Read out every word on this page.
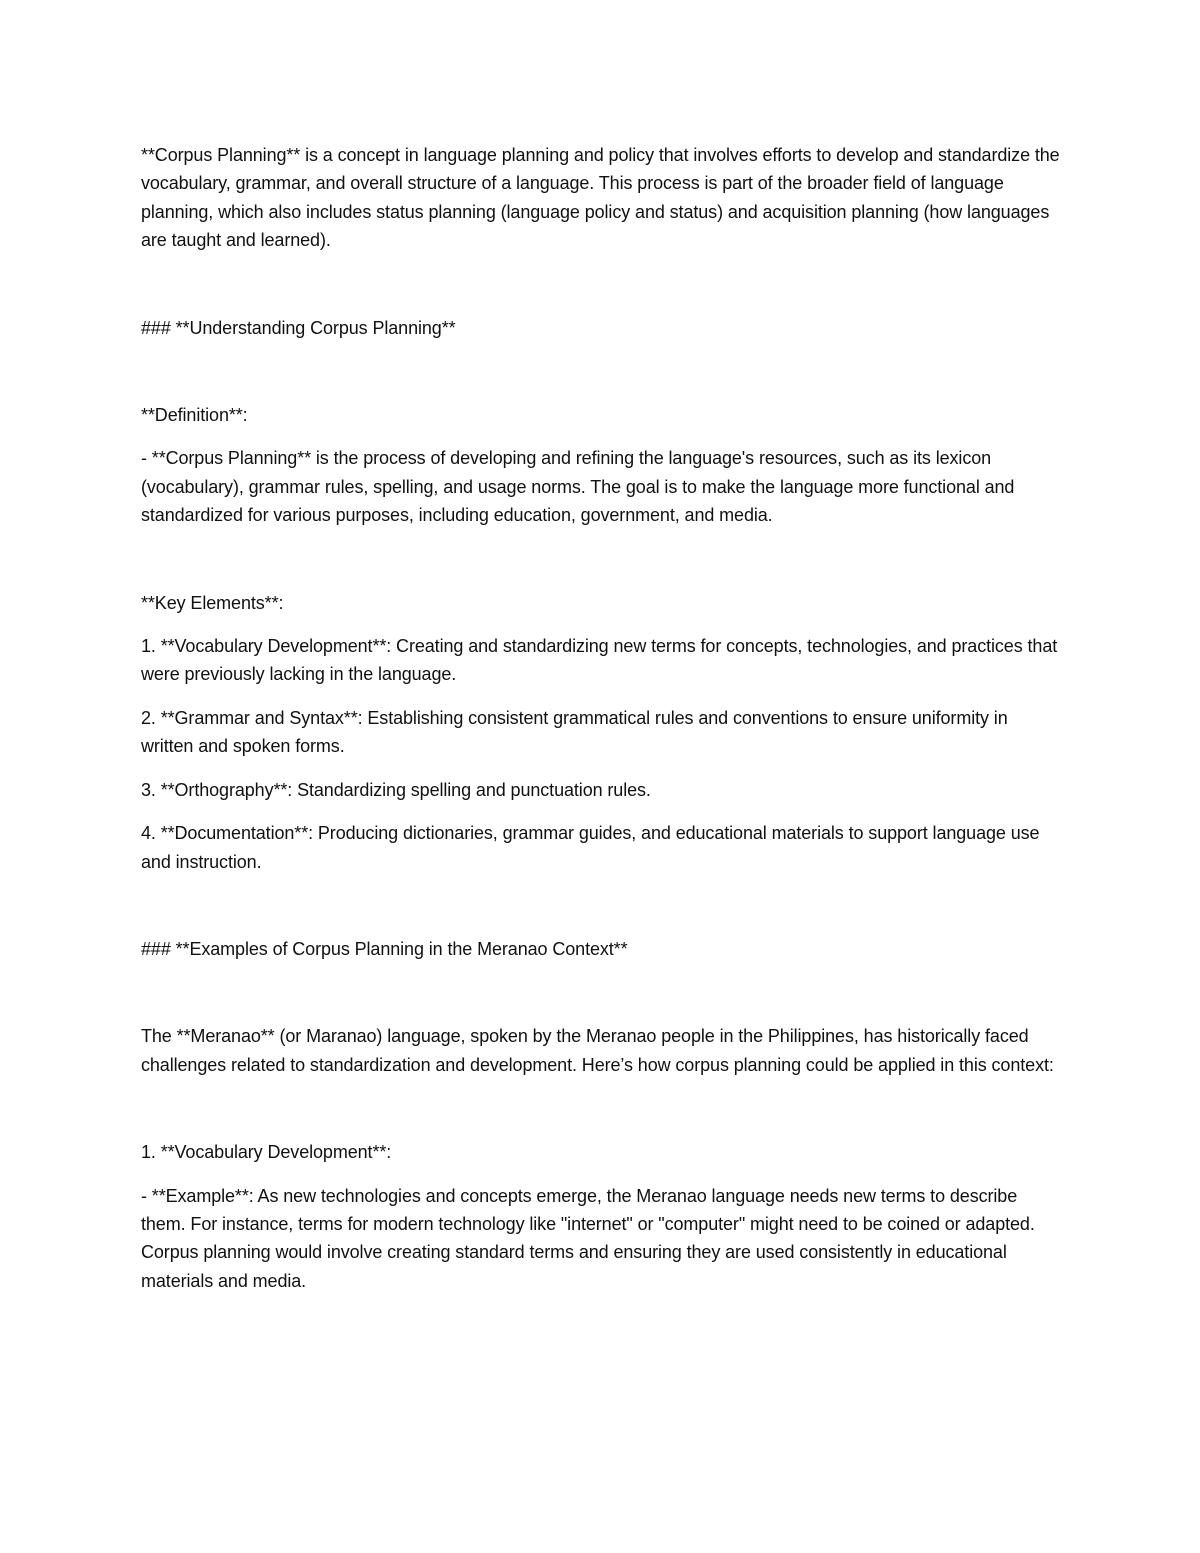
**Corpus Planning** is a concept in language planning and policy that involves efforts to develop and standardize the vocabulary, grammar, and overall structure of a language. This process is part of the broader field of language planning, which also includes status planning (language policy and status) and acquisition planning (how languages are taught and learned).

### **Understanding Corpus Planning**

**Definition**:

- **Corpus Planning** is the process of developing and refining the language's resources, such as its lexicon (vocabulary), grammar rules, spelling, and usage norms. The goal is to make the language more functional and standardized for various purposes, including education, government, and media.

**Key Elements**:

1. **Vocabulary Development**: Creating and standardizing new terms for concepts, technologies, and practices that were previously lacking in the language.

2. **Grammar and Syntax**: Establishing consistent grammatical rules and conventions to ensure uniformity in written and spoken forms.

3. **Orthography**: Standardizing spelling and punctuation rules.

4. **Documentation**: Producing dictionaries, grammar guides, and educational materials to support language use and instruction.

### **Examples of Corpus Planning in the Meranao Context**

The **Meranao** (or Maranao) language, spoken by the Meranao people in the Philippines, has historically faced challenges related to standardization and development. Here’s how corpus planning could be applied in this context:

1. **Vocabulary Development**:

- **Example**: As new technologies and concepts emerge, the Meranao language needs new terms to describe them. For instance, terms for modern technology like "internet" or "computer" might need to be coined or adapted. Corpus planning would involve creating standard terms and ensuring they are used consistently in educational materials and media.
